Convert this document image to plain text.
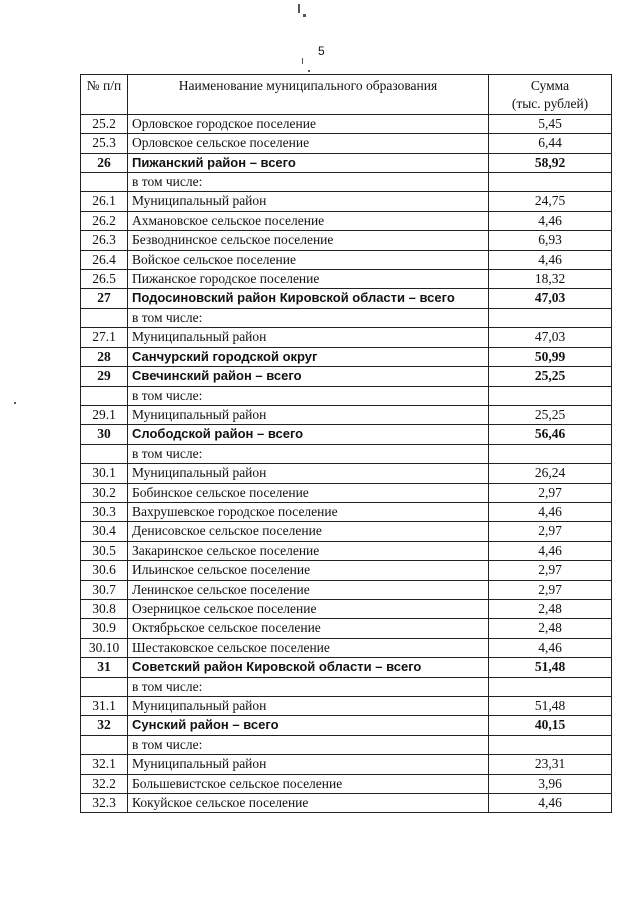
5
№ п/п	Наименование муниципального образования	Сумма
(тыс. рублей)

25.2	Орловское городское поселение	5,45
25.3	Орловское сельское поселение	6,44
26	Пижанский район – всего	58,92
	в том числе:	
26.1	Муниципальный район	24,75
26.2	Ахмановское сельское поселение	4,46
26.3	Безводнинское сельское поселение	6,93
26.4	Войское сельское поселение	4,46
26.5	Пижанское городское поселение	18,32
27	Подосиновский район Кировской области – всего	47,03
	в том числе:	
27.1	Муниципальный район	47,03
28	Санчурский городской округ	50,99
29	Свечинский район – всего	25,25
	в том числе:	
29.1	Муниципальный район	25,25
30	Слободской район – всего	56,46
	в том числе:	
30.1	Муниципальный район	26,24
30.2	Бобинское сельское поселение	2,97
30.3	Вахрушевское городское поселение	4,46
30.4	Денисовское сельское поселение	2,97
30.5	Закаринское сельское поселение	4,46
30.6	Ильинское сельское поселение	2,97
30.7	Ленинское сельское поселение	2,97
30.8	Озерницкое сельское поселение	2,48
30.9	Октябрьское сельское поселение	2,48
30.10	Шестаковское сельское поселение	4,46
31	Советский район Кировской области – всего	51,48
	в том числе:	
31.1	Муниципальный район	51,48
32	Сунский район – всего	40,15
	в том числе:	
32.1	Муниципальный район	23,31
32.2	Большевистское сельское поселение	3,96
32.3	Кокуйское сельское поселение	4,46
